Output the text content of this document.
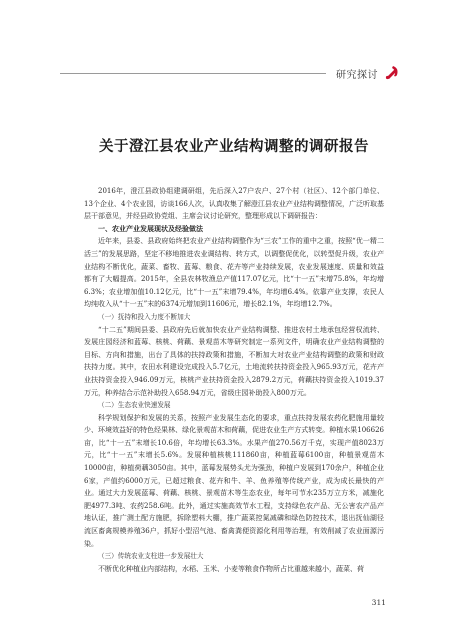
研究探讨
关于澄江县农业产业结构调整的调研报告

2016年，澄江县政协组建调研组，先后深入27户农户、27个村（社区）、12个部门单位、13个企业、4个农业园，访谈166人次，认真收集了解澄江县农业产业结构调整情况，广泛听取基层干部意见，并经县政协党组、主席会议讨论研究，整理形成以下调研报告：

一、农业产业发展现状及经验做法

近年来，县委、县政府始终把农业产业结构调整作为“三农”工作的重中之重，按照“优一精二活三”的发展思路，坚定不移地推进农业调结构、转方式，以调整促优化，以转型促升级，农业产业结构不断优化，蔬菜、畜牧、蓝莓、粮食、花卉等产业持续发展，农业发展速度、质量和效益都有了大幅提高。2015年，全县农林牧渔总产值117.07亿元，比“十一五”末增75.8%，年均增6.3%；农业增加值10.12亿元，比“十一五”末增79.4%，年均增6.4%。依靠产业支撑，农民人均纯收入从“十一五”末的6374元增加到11606元，增长82.1%，年均增12.7%。

（一）抚持和投入力度不断加大

“十二五”期间县委、县政府先后就加快农业产业结构调整、推进农村土地承包经营权流转、发展庄园经济和蓝莓、核桃、荷藕、景观苗木等研究制定一系列文件，明确农业产业结构调整的目标、方向和措施，出台了具体的扶持政策和措施，不断加大对农业产业结构调整的政策和财政扶持力度。其中，农田水利建设完成投入5.7亿元，土地流转扶持资金投入965.93万元，花卉产业扶持资金投入946.09万元，核桃产业扶持资金投入2879.2万元，荷藕扶持资金投入1019.37万元，种养结合示范补助投入658.94万元，省级庄园补助投入800万元。

（二）生态农业快速发展

科学规划保护和发展的关系，按照产业发展生态化的要求，重点扶持发展农药化肥施用量较少、环境效益好的特色经果林、绿化景观苗木和荷藕，促进农业生产方式转变。种植水果106626亩，比“十一五”末增长10.6倍，年均增长63.3%。水果产值270.56万千克，实现产值8023万元，比“十一五”末增长5.6%。发展种植核桃111860亩，种植蓝莓6100亩，种植景观苗木10000亩，种植荷藕3050亩。其中，蓝莓发展势头尤为强劲，种植户发展到170余户，种植企业6家，产值约6000万元，已超过粮食、花卉和牛、羊、鱼养殖等传统产业，成为成长最快的产业。通过大力发展蓝莓、荷藕、核桃、景观苗木等生态农业，每年可节水235万立方米，减施化肥4977.3吨、农药258.6吨。此外，通过实施高效节水工程，支持绿色农产品、无公害农产品产地认证，推广测土配方施肥，拆除塑料大棚，推广蔬菜控氮减磷和绿色防控技术，退出抚仙湖径流区畜禽规模养殖36户，抓好小型沼气池、畜禽粪便资源化利用等治理，有效削减了农业面源污染。

（三）传统农业支柱进一步发展壮大

不断优化种植业内部结构，水稻、玉米、小麦等粮食作物所占比重越来越小，蔬菜、荷

311
